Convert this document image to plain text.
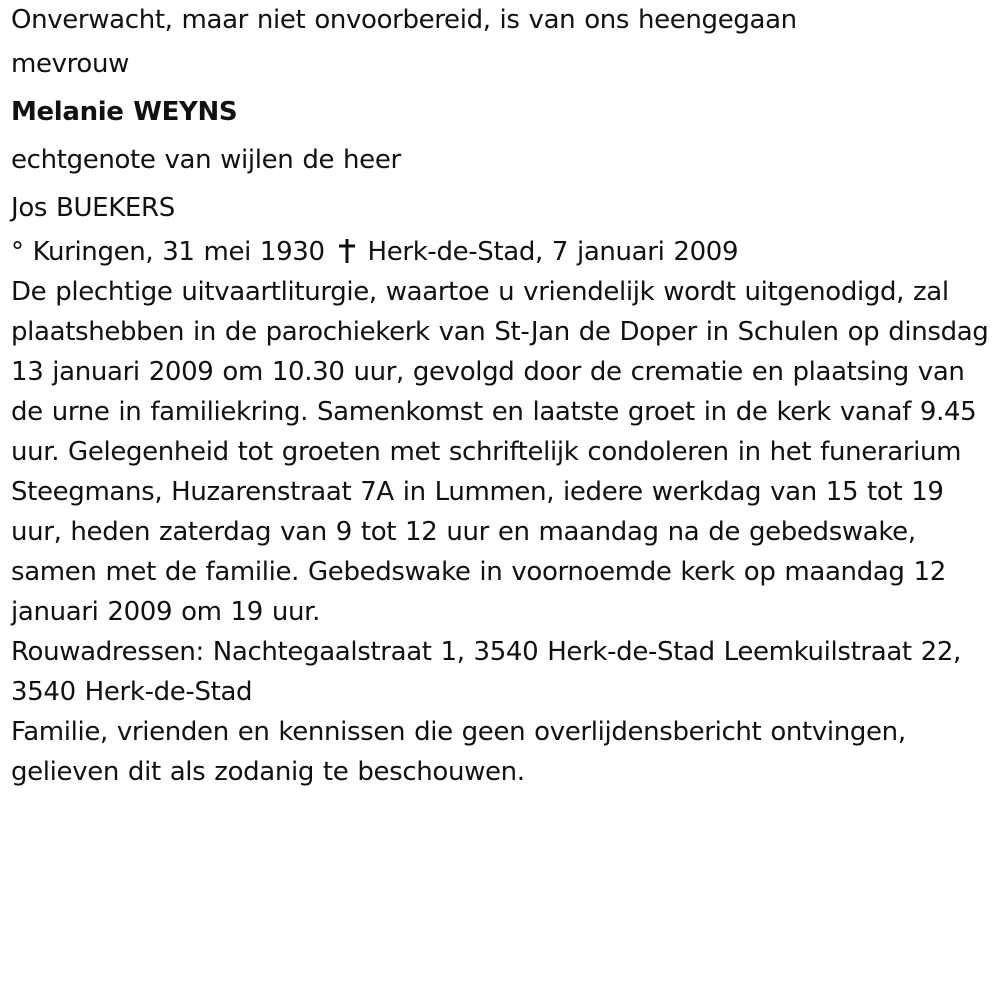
Onverwacht, maar niet onvoorbereid, is van ons heengegaan

mevrouw

Melanie WEYNS

echtgenote van wijlen de heer

Jos BUEKERS

° Kuringen, 31 mei 1930 Herk-de-Stad, 7 januari 2009

De plechtige uitvaartliturgie, waartoe u vriendelijk wordt uitgenodigd, zal plaatshebben in de parochiekerk van St-Jan de Doper in Schulen op dinsdag 13 januari 2009 om 10.30 uur, gevolgd door de crematie en plaatsing van de urne in familiekring. Samenkomst en laatste groet in de kerk vanaf 9.45 uur. Gelegenheid tot groeten met schriftelijk condoleren in het funerarium Steegmans, Huzarenstraat 7A in Lummen, iedere werkdag van 15 tot 19 uur, heden zaterdag van 9 tot 12 uur en maandag na de gebedswake, samen met de familie. Gebedswake in voornoemde kerk op maandag 12 januari 2009 om 19 uur.

Rouwadressen: Nachtegaalstraat 1, 3540 Herk-de-Stad Leemkuilstraat 22, 3540 Herk-de-Stad

Familie, vrienden en kennissen die geen overlijdensbericht ontvingen, gelieven dit als zodanig te beschouwen.
